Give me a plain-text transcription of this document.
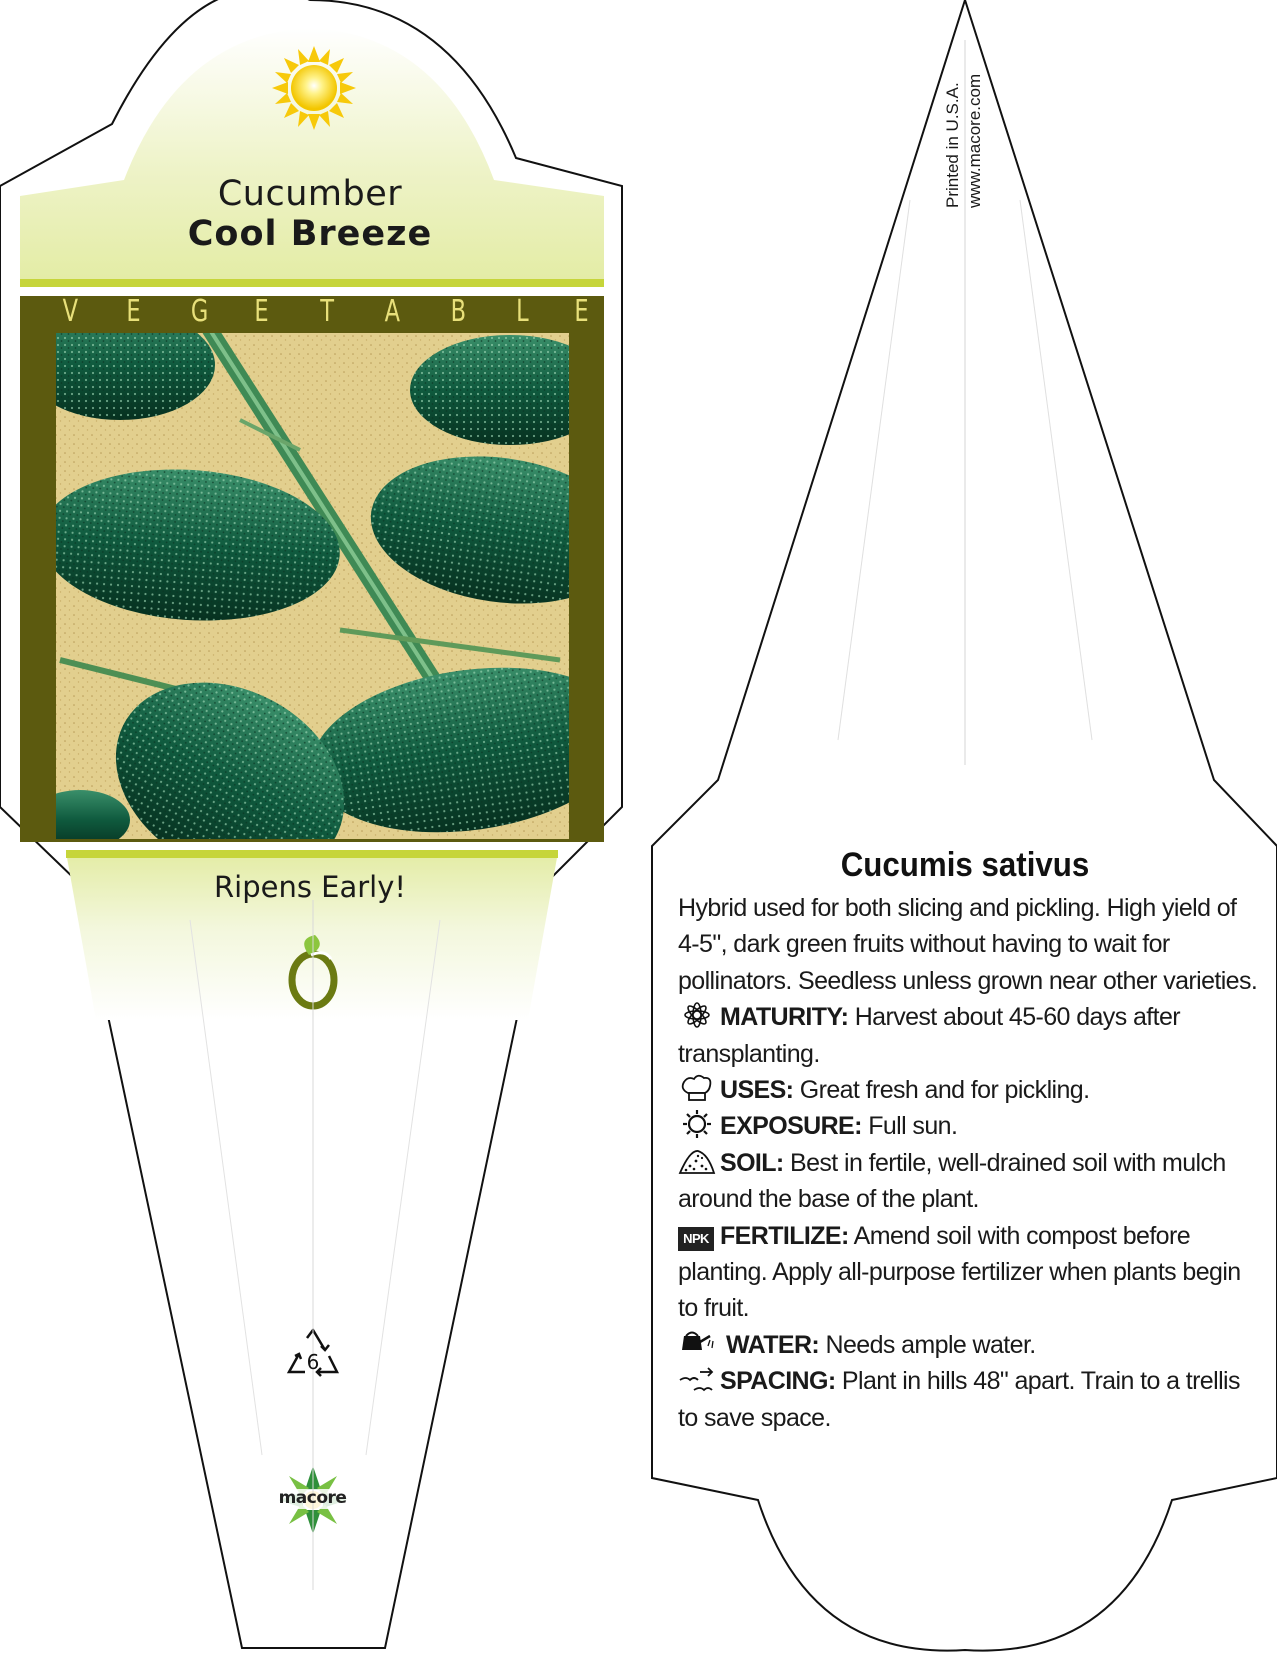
Cucumber
Cool Breeze
V E G E T A B L E
Ripens Early!
6
macore
Printed in U.S.A. www.macore.com
Cucumis sativus

Hybrid used for both slicing and pickling. High yield of 4-5", dark green fruits without having to wait for pollinators. Seedless unless grown near other varieties.

MATURITY: Harvest about 45-60 days after transplanting.

USES: Great fresh and for pickling.

EXPOSURE: Full sun.

SOIL: Best in fertile, well-drained soil with mulch around the base of the plant.

NPK FERTILIZE: Amend soil with compost before planting. Apply all-purpose fertilizer when plants begin to fruit.

WATER: Needs ample water.

SPACING: Plant in hills 48" apart. Train to a trellis to save space.
